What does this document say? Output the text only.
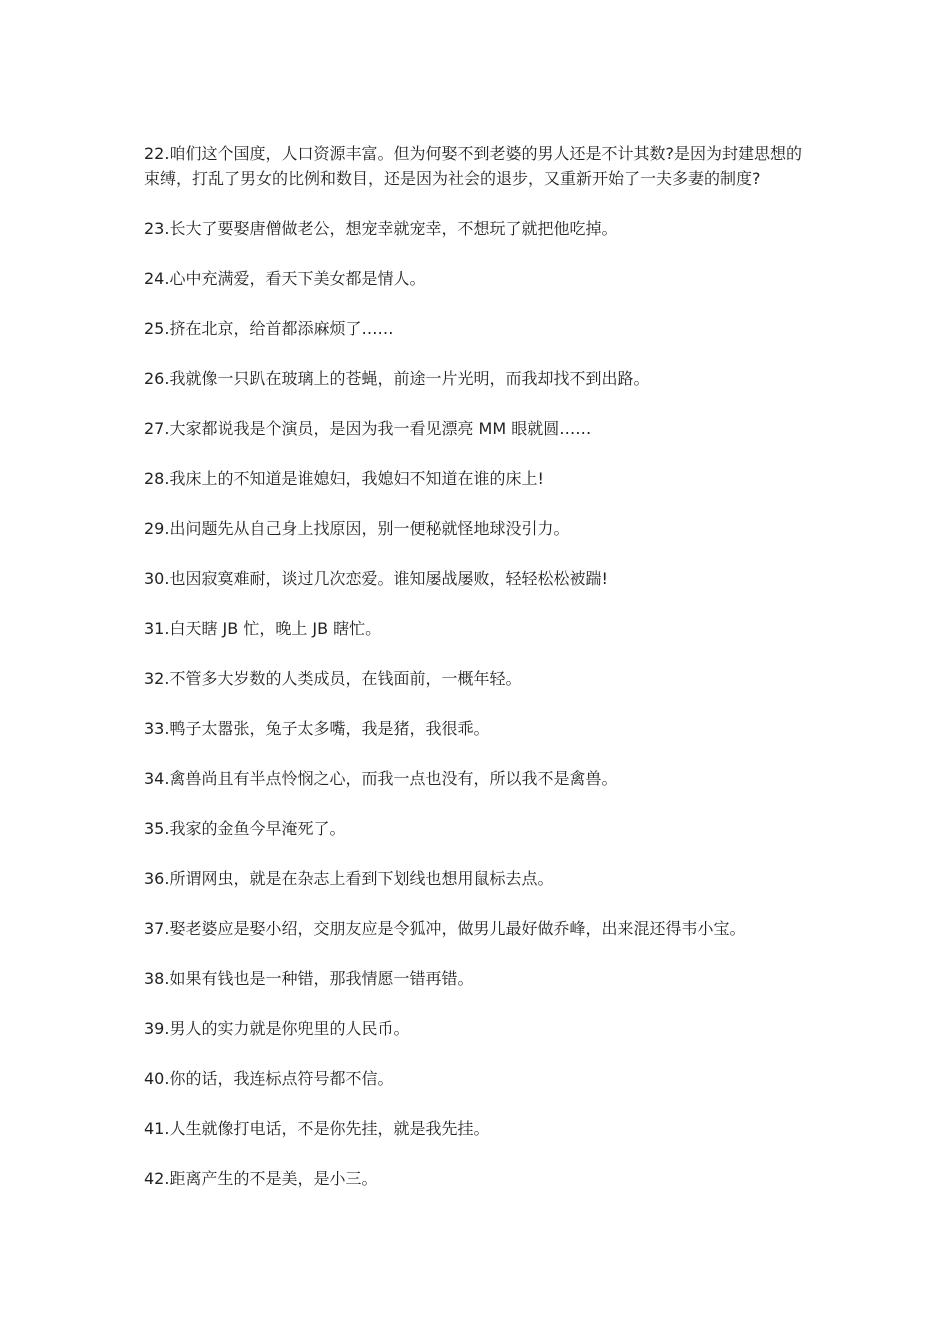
22.咱们这个国度，人口资源丰富。但为何娶不到老婆的男人还是不计其数?是因为封建思想的束缚，打乱了男女的比例和数目，还是因为社会的退步，又重新开始了一夫多妻的制度?

23.长大了要娶唐僧做老公，想宠幸就宠幸，不想玩了就把他吃掉。

24.心中充满爱，看天下美女都是情人。

25.挤在北京，给首都添麻烦了……

26.我就像一只趴在玻璃上的苍蝇，前途一片光明，而我却找不到出路。

27.大家都说我是个演员，是因为我一看见漂亮 MM 眼就圆……

28.我床上的不知道是谁媳妇，我媳妇不知道在谁的床上!

29.出问题先从自己身上找原因，别一便秘就怪地球没引力。

30.也因寂寞难耐，谈过几次恋爱。谁知屡战屡败，轻轻松松被踹!

31.白天瞎 JB 忙，晚上 JB 瞎忙。

32.不管多大岁数的人类成员，在钱面前，一概年轻。

33.鸭子太嚣张，兔子太多嘴，我是猪，我很乖。

34.禽兽尚且有半点怜悯之心，而我一点也没有，所以我不是禽兽。

35.我家的金鱼今早淹死了。

36.所谓网虫，就是在杂志上看到下划线也想用鼠标去点。

37.娶老婆应是娶小绍，交朋友应是令狐冲，做男儿最好做乔峰，出来混还得韦小宝。

38.如果有钱也是一种错，那我情愿一错再错。

39.男人的实力就是你兜里的人民币。

40.你的话，我连标点符号都不信。

41.人生就像打电话，不是你先挂，就是我先挂。

42.距离产生的不是美，是小三。
